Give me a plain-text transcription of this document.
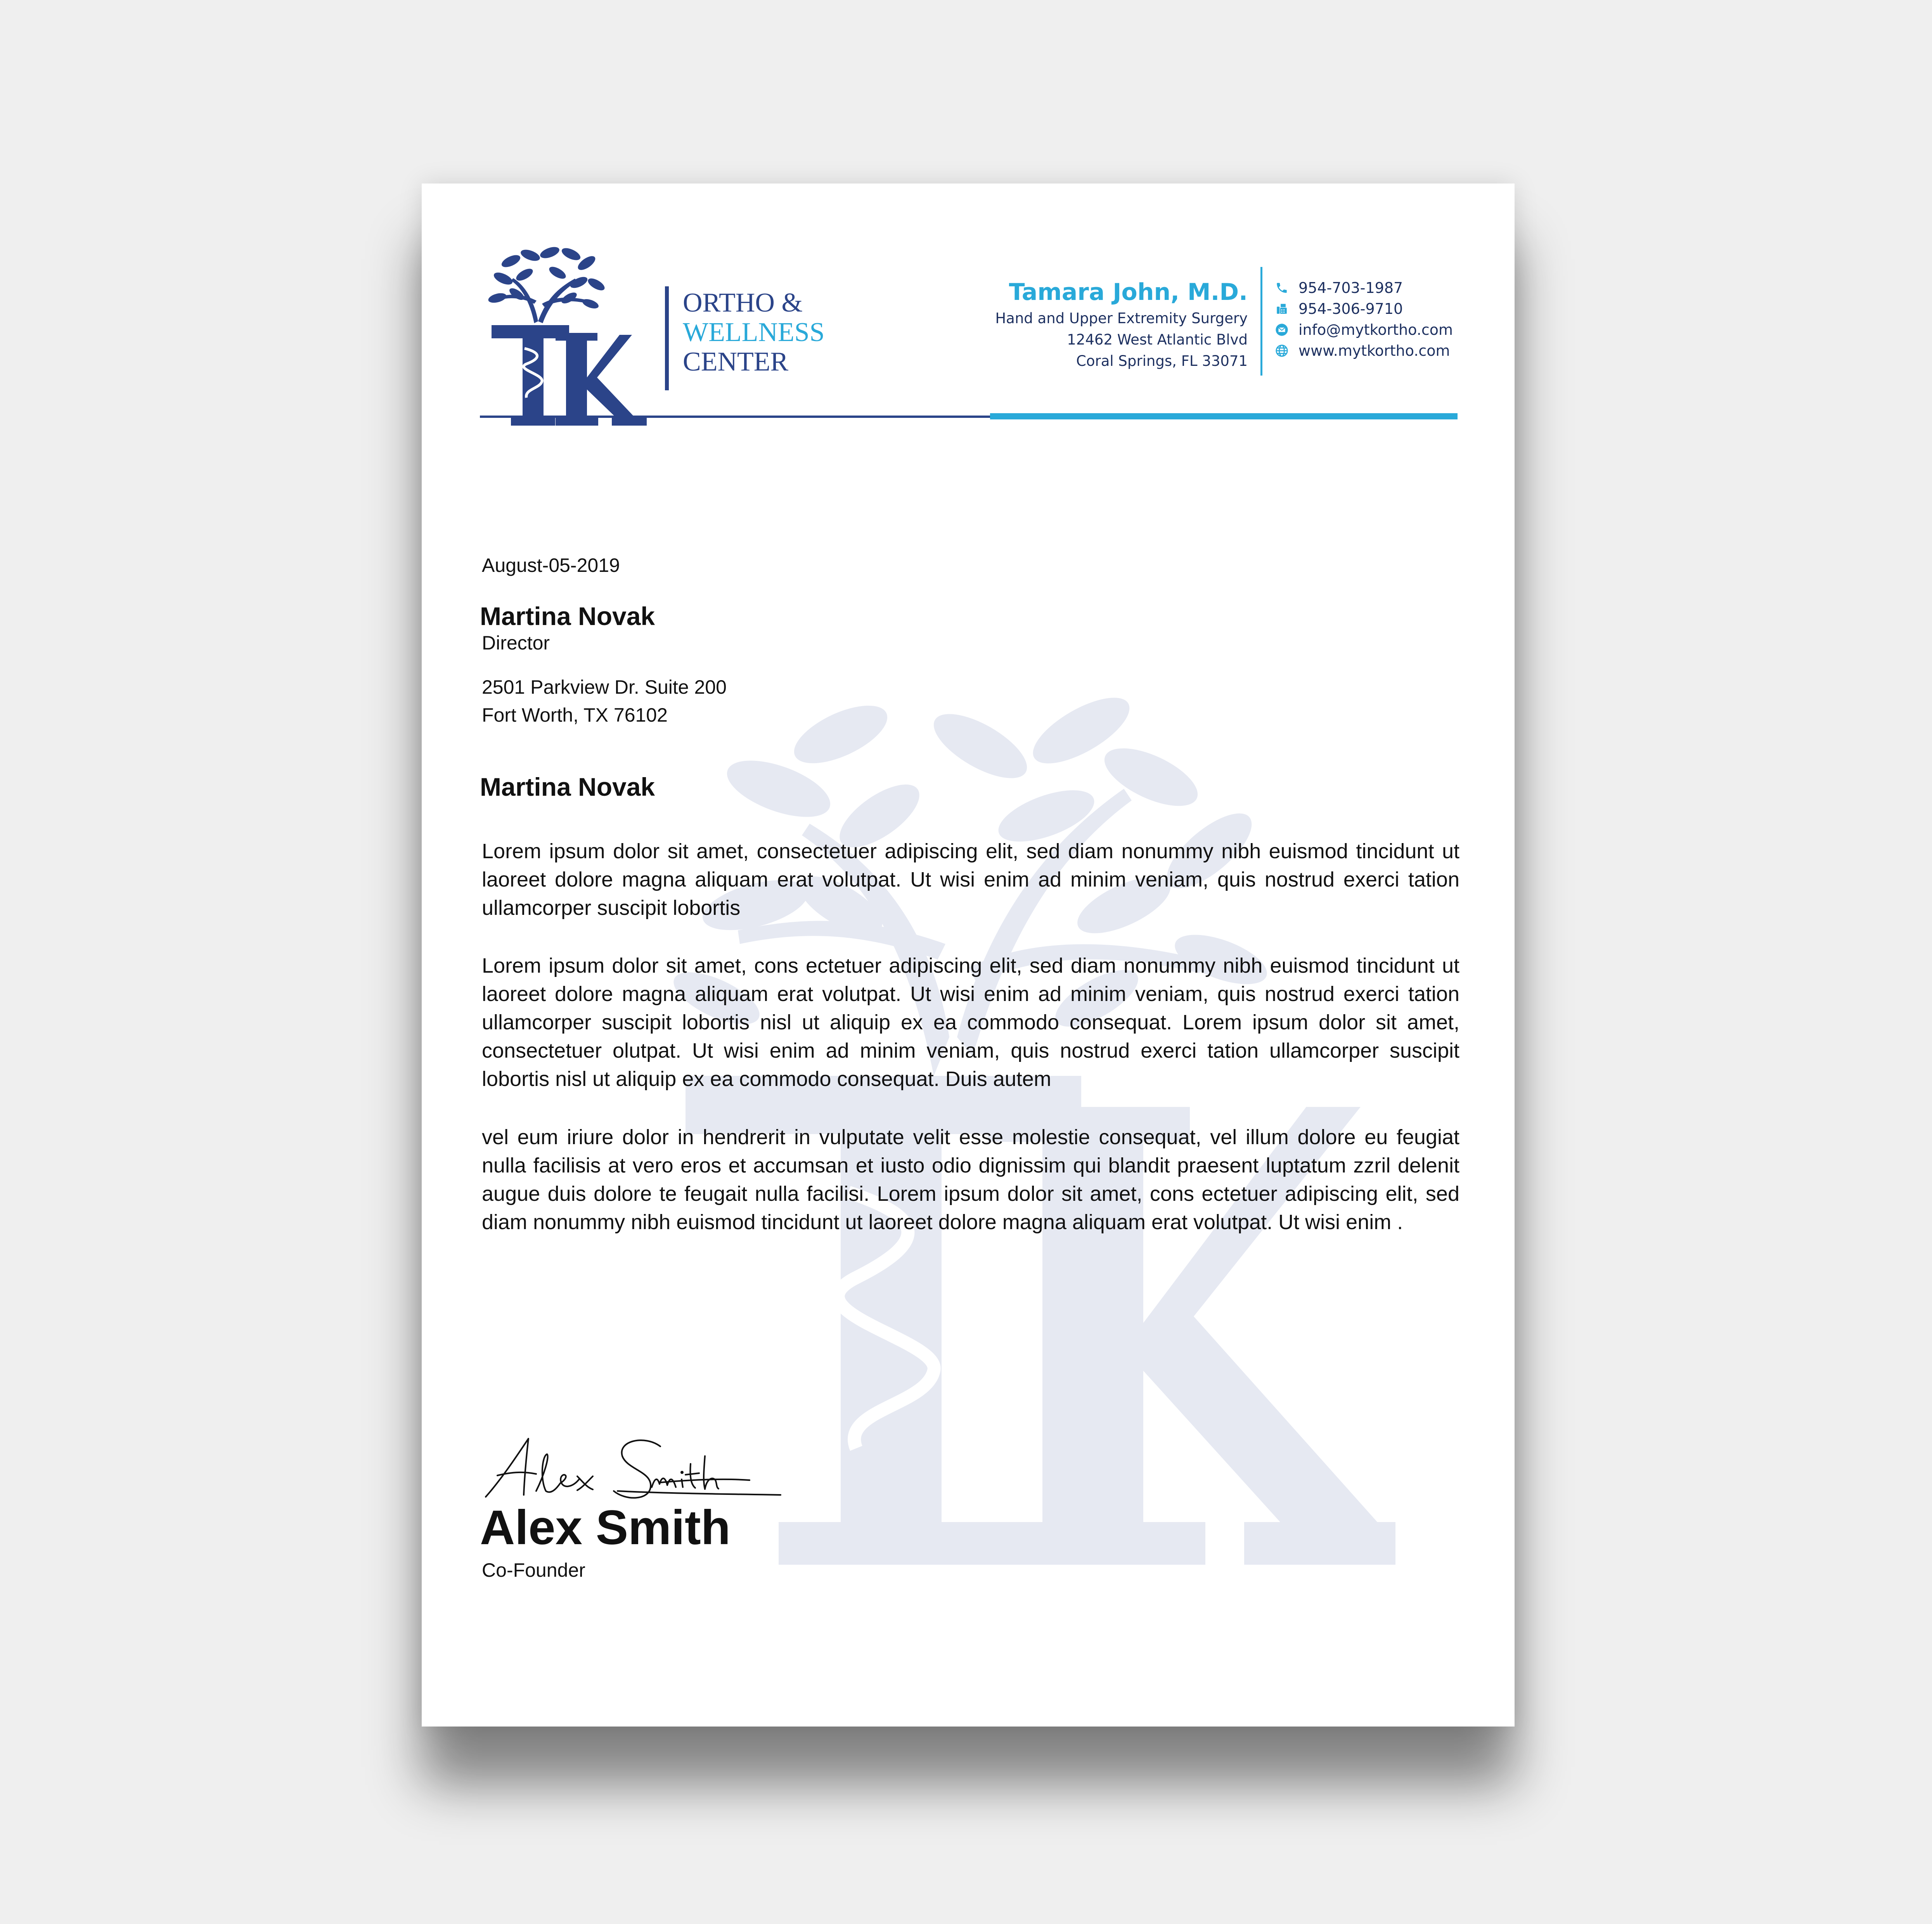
ORTHO &
WELLNESS
CENTER
Tamara John, M.D.
Hand and Upper Extremity Surgery
12462 West Atlantic Blvd
Coral Springs, FL 33071
954-703-1987
954-306-9710
info@mytkortho.com
www.mytkortho.com
August-05-2019
Martina Novak
Director
2501 Parkview Dr. Suite 200
Fort Worth, TX 76102
Martina Novak
Lorem ipsum dolor sit amet, consectetuer adipiscing elit, sed diam nonummy nibh euismod tincidunt ut laoreet dolore magna aliquam erat volutpat. Ut wisi enim ad minim veniam, quis nostrud exerci tation ullamcorper suscipit lobortis
Lorem ipsum dolor sit amet, cons ectetuer adipiscing elit, sed diam nonummy nibh euismod tincidunt ut laoreet dolore magna aliquam erat volutpat. Ut wisi enim ad minim veniam, quis nostrud exerci tation ullamcorper suscipit lobortis nisl ut aliquip ex ea commodo consequat. Lorem ipsum dolor sit amet, consectetuer olutpat. Ut wisi enim ad minim veniam, quis nostrud exerci tation ullamcorper suscipit lobortis nisl ut aliquip ex ea commodo consequat. Duis autem
vel eum iriure dolor in hendrerit in vulputate velit esse molestie consequat, vel illum dolore eu feugiat nulla facilisis at vero eros et accumsan et iusto odio dignissim qui blandit praesent luptatum zzril delenit augue duis dolore te feugait nulla facilisi. Lorem ipsum dolor sit amet, cons ectetuer adipiscing elit, sed diam nonummy nibh euismod tincidunt ut laoreet dolore magna aliquam erat volutpat. Ut wisi enim .
Alex Smith
Co-Founder
